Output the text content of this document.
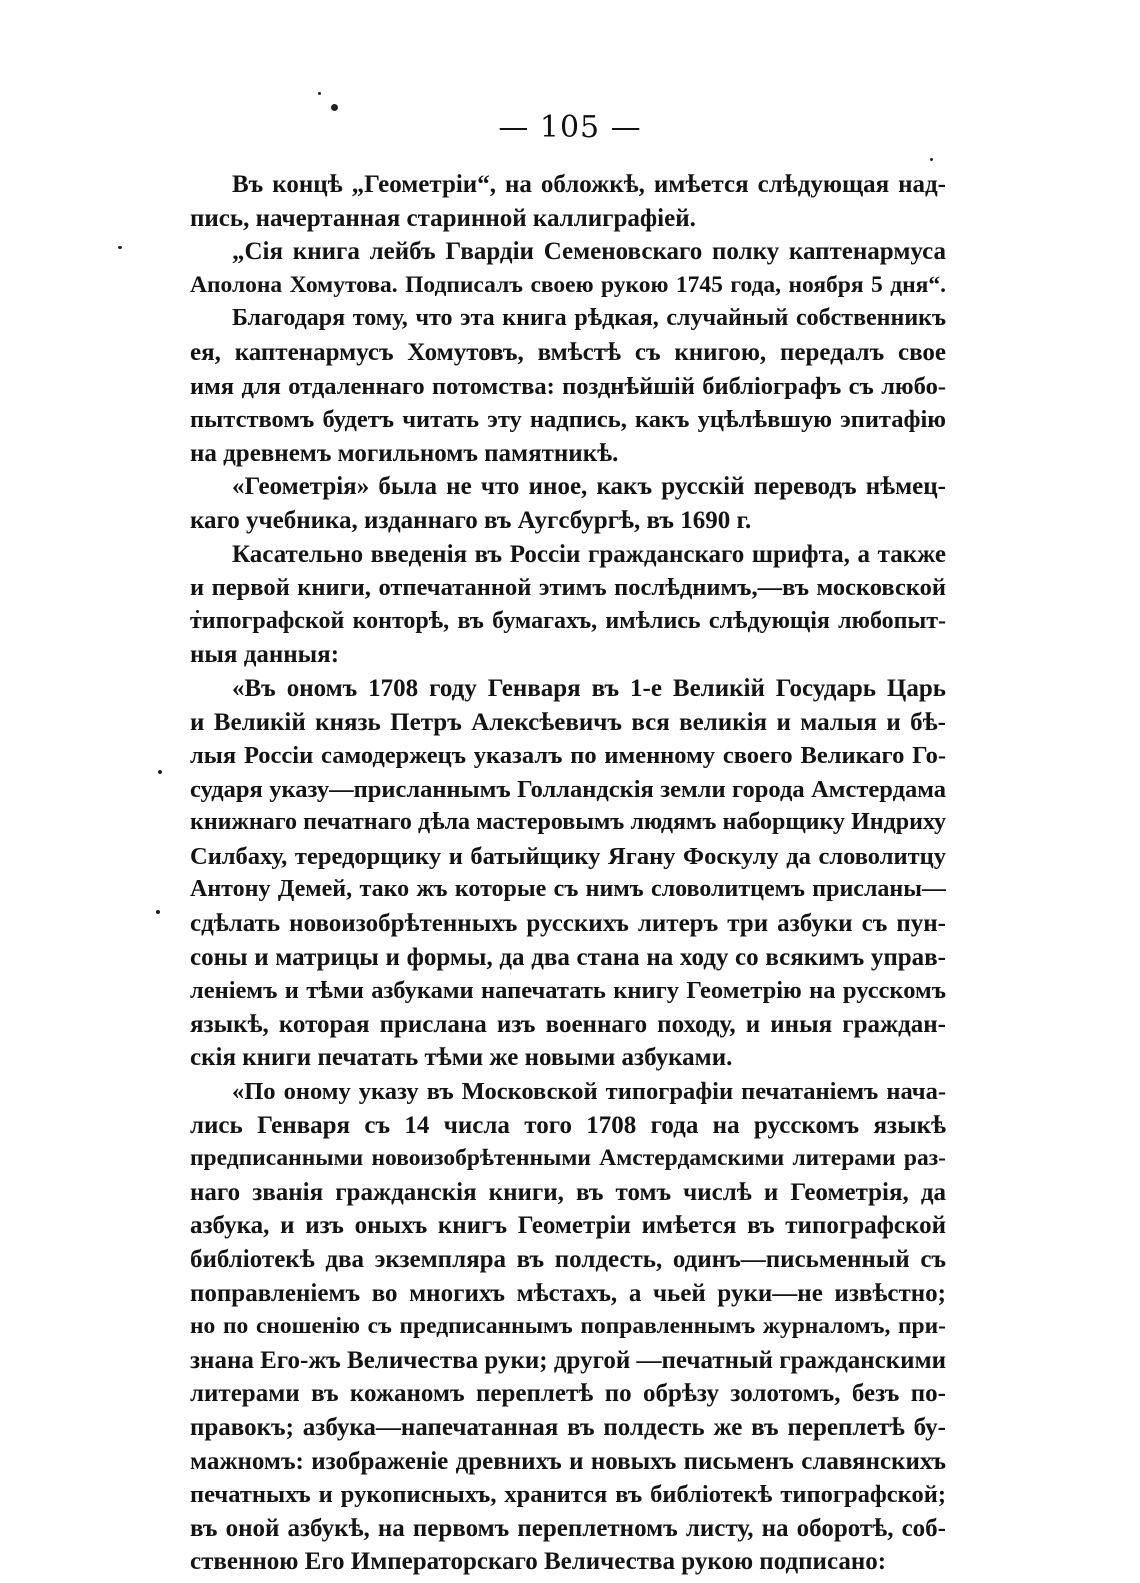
— 105 —
Въ концѣ „Геометріи“, на обложкѣ, имѣется слѣдующая над-
пись, начертанная старинной каллиграфіей.
„Сія книга лейбъ Гвардіи Семеновскаго полку каптенармуса
Аполона Хомутова. Подписалъ своею рукою 1745 года, ноября 5 дня“.
Благодаря тому, что эта книга рѣдкая, случайный собственникъ
ея, каптенармусъ Хомутовъ, вмѣстѣ съ книгою, передалъ свое
имя для отдаленнаго потомства: позднѣйшій библіографъ съ любо-
пытствомъ будетъ читать эту надпись, какъ уцѣлѣвшую эпитафію
на древнемъ могильномъ памятникѣ.
«Геометрія» была не что иное, какъ русскій переводъ нѣмец-
каго учебника, изданнаго въ Аугсбургѣ, въ 1690 г.
Касательно введенія въ Россіи гражданскаго шрифта, а также
и первой книги, отпечатанной этимъ послѣднимъ,—въ московской
типографской конторѣ, въ бумагахъ, имѣлись слѣдующія любопыт-
ныя данныя:
«Въ ономъ 1708 году Генваря въ 1-е Великій Государь Царь
и Великій князь Петръ Алексѣевичъ вся великія и малыя и бѣ-
лыя Россіи самодержецъ указалъ по именному своего Великаго Го-
сударя указу—присланнымъ Голландскія земли города Амстердама
книжнаго печатнаго дѣла мастеровымъ людямъ наборщику Индриху
Силбаху, тередорщику и батыйщику Ягану Фоскулу да словолитцу
Антону Демей, тако жъ которые съ нимъ словолитцемъ присланы—
сдѣлать новоизобрѣтенныхъ русскихъ литеръ три азбуки съ пун-
соны и матрицы и формы, да два стана на ходу со всякимъ управ-
леніемъ и тѣми азбуками напечатать книгу Геометрію на русскомъ
языкѣ, которая прислана изъ военнаго походу, и иныя граждан-
скія книги печатать тѣми же новыми азбуками.
«По оному указу въ Московской типографіи печатаніемъ нача-
лись Генваря съ 14 числа того 1708 года на русскомъ языкѣ
предписанными новоизобрѣтенными Амстердамскими литерами раз-
наго званія гражданскія книги, въ томъ числѣ и Геометрія, да
азбука, и изъ оныхъ книгъ Геометріи имѣется въ типографской
библіотекѣ два экземпляра въ полдесть, одинъ—письменный съ
поправленіемъ во многихъ мѣстахъ, а чьей руки—не извѣстно;
но по сношенію съ предписаннымъ поправленнымъ журналомъ, при-
знана Его-жъ Величества руки; другой —печатный гражданскими
литерами въ кожаномъ переплетѣ по обрѣзу золотомъ, безъ по-
правокъ; азбука—напечатанная въ полдесть же въ переплетѣ бу-
мажномъ: изображеніе древнихъ и новыхъ письменъ славянскихъ
печатныхъ и рукописныхъ, хранится въ библіотекѣ типографской;
въ оной азбукѣ, на первомъ переплетномъ листу, на оборотѣ, соб-
ственною Его Императорскаго Величества рукою подписано:
